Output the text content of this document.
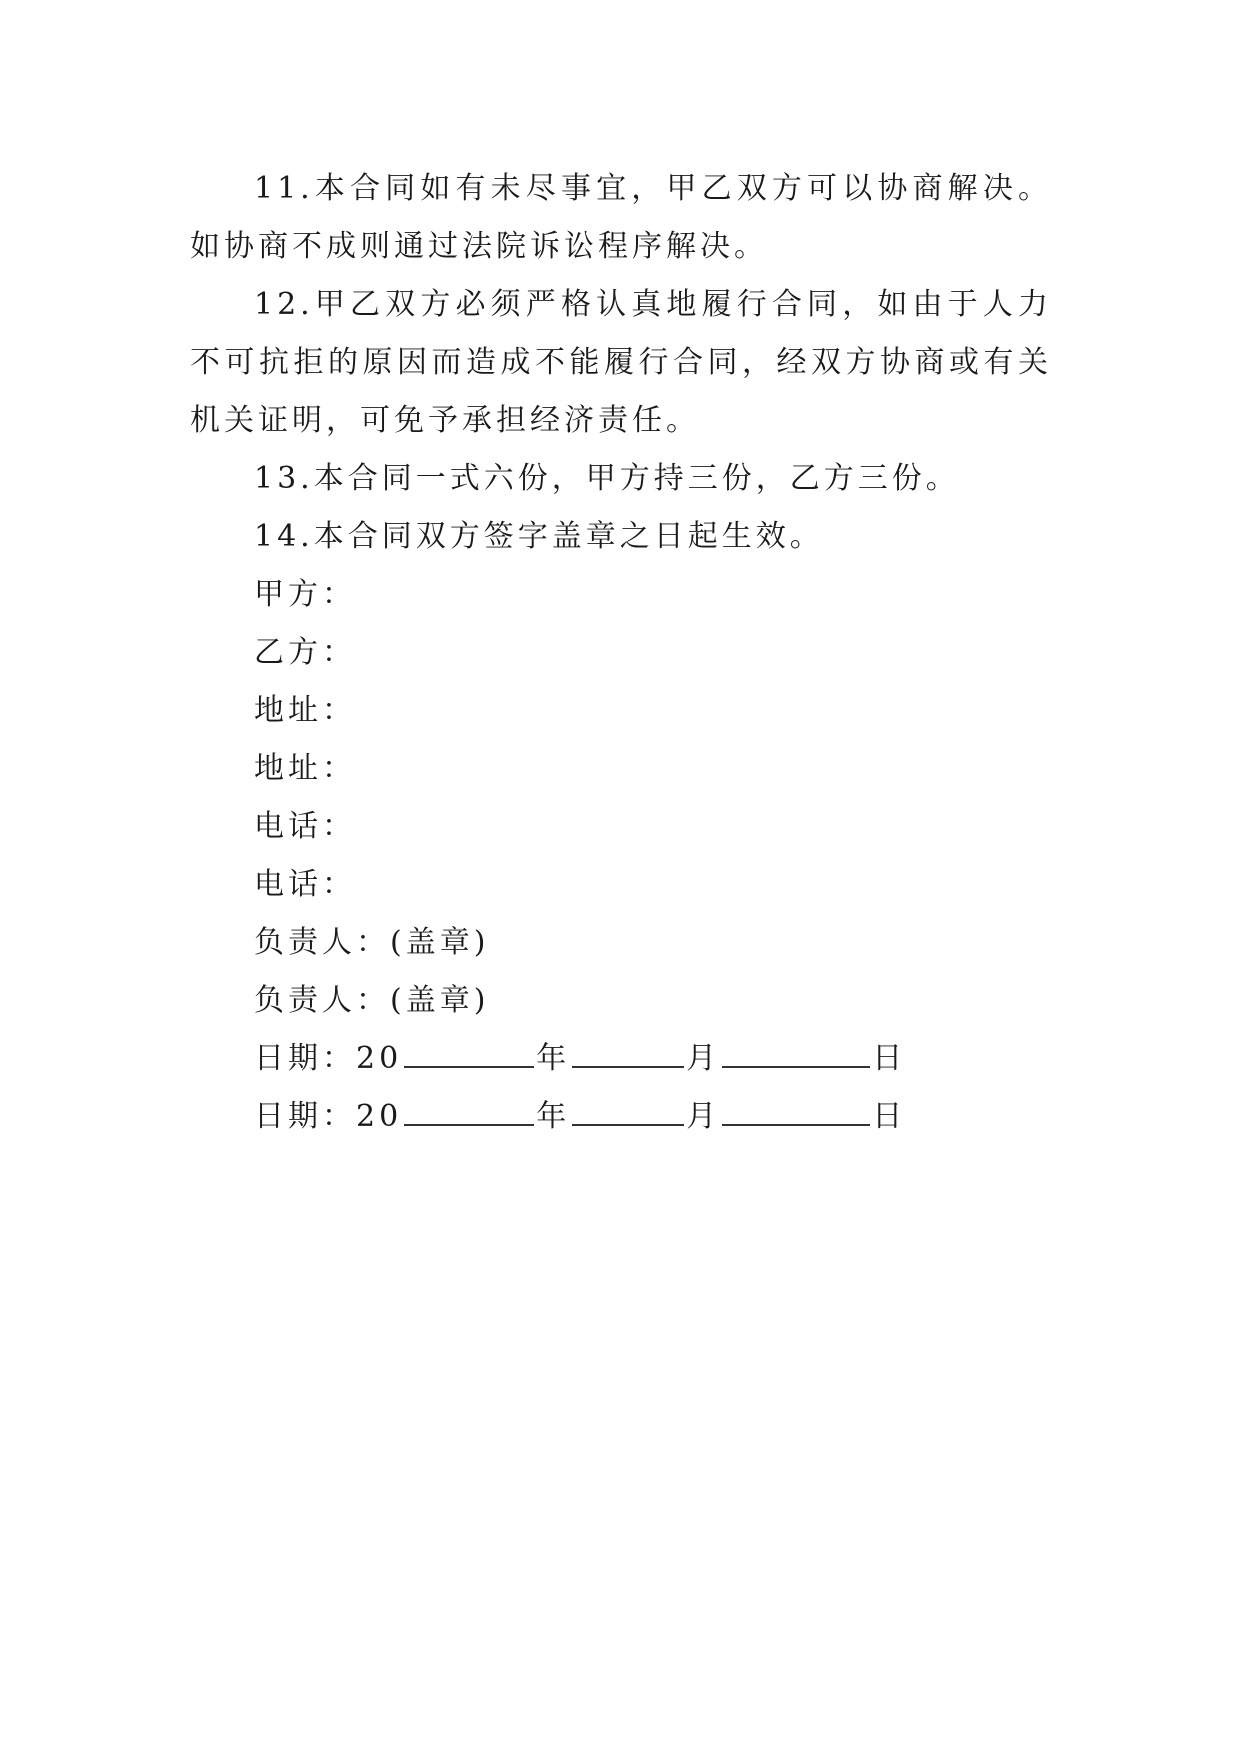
11.本合同如有未尽事宜，甲乙双方可以协商解决。如协商不成则通过法院诉讼程序解决。

12.甲乙双方必须严格认真地履行合同，如由于人力不可抗拒的原因而造成不能履行合同，经双方协商或有关机关证明，可免予承担经济责任。

13.本合同一式六份，甲方持三份，乙方三份。

14.本合同双方签字盖章之日起生效。

甲方：

乙方：

地址：

地址：

电话：

电话：

负责人：(盖章)

负责人：(盖章)

日期：20	年	月	日

日期：20	年	月	日
